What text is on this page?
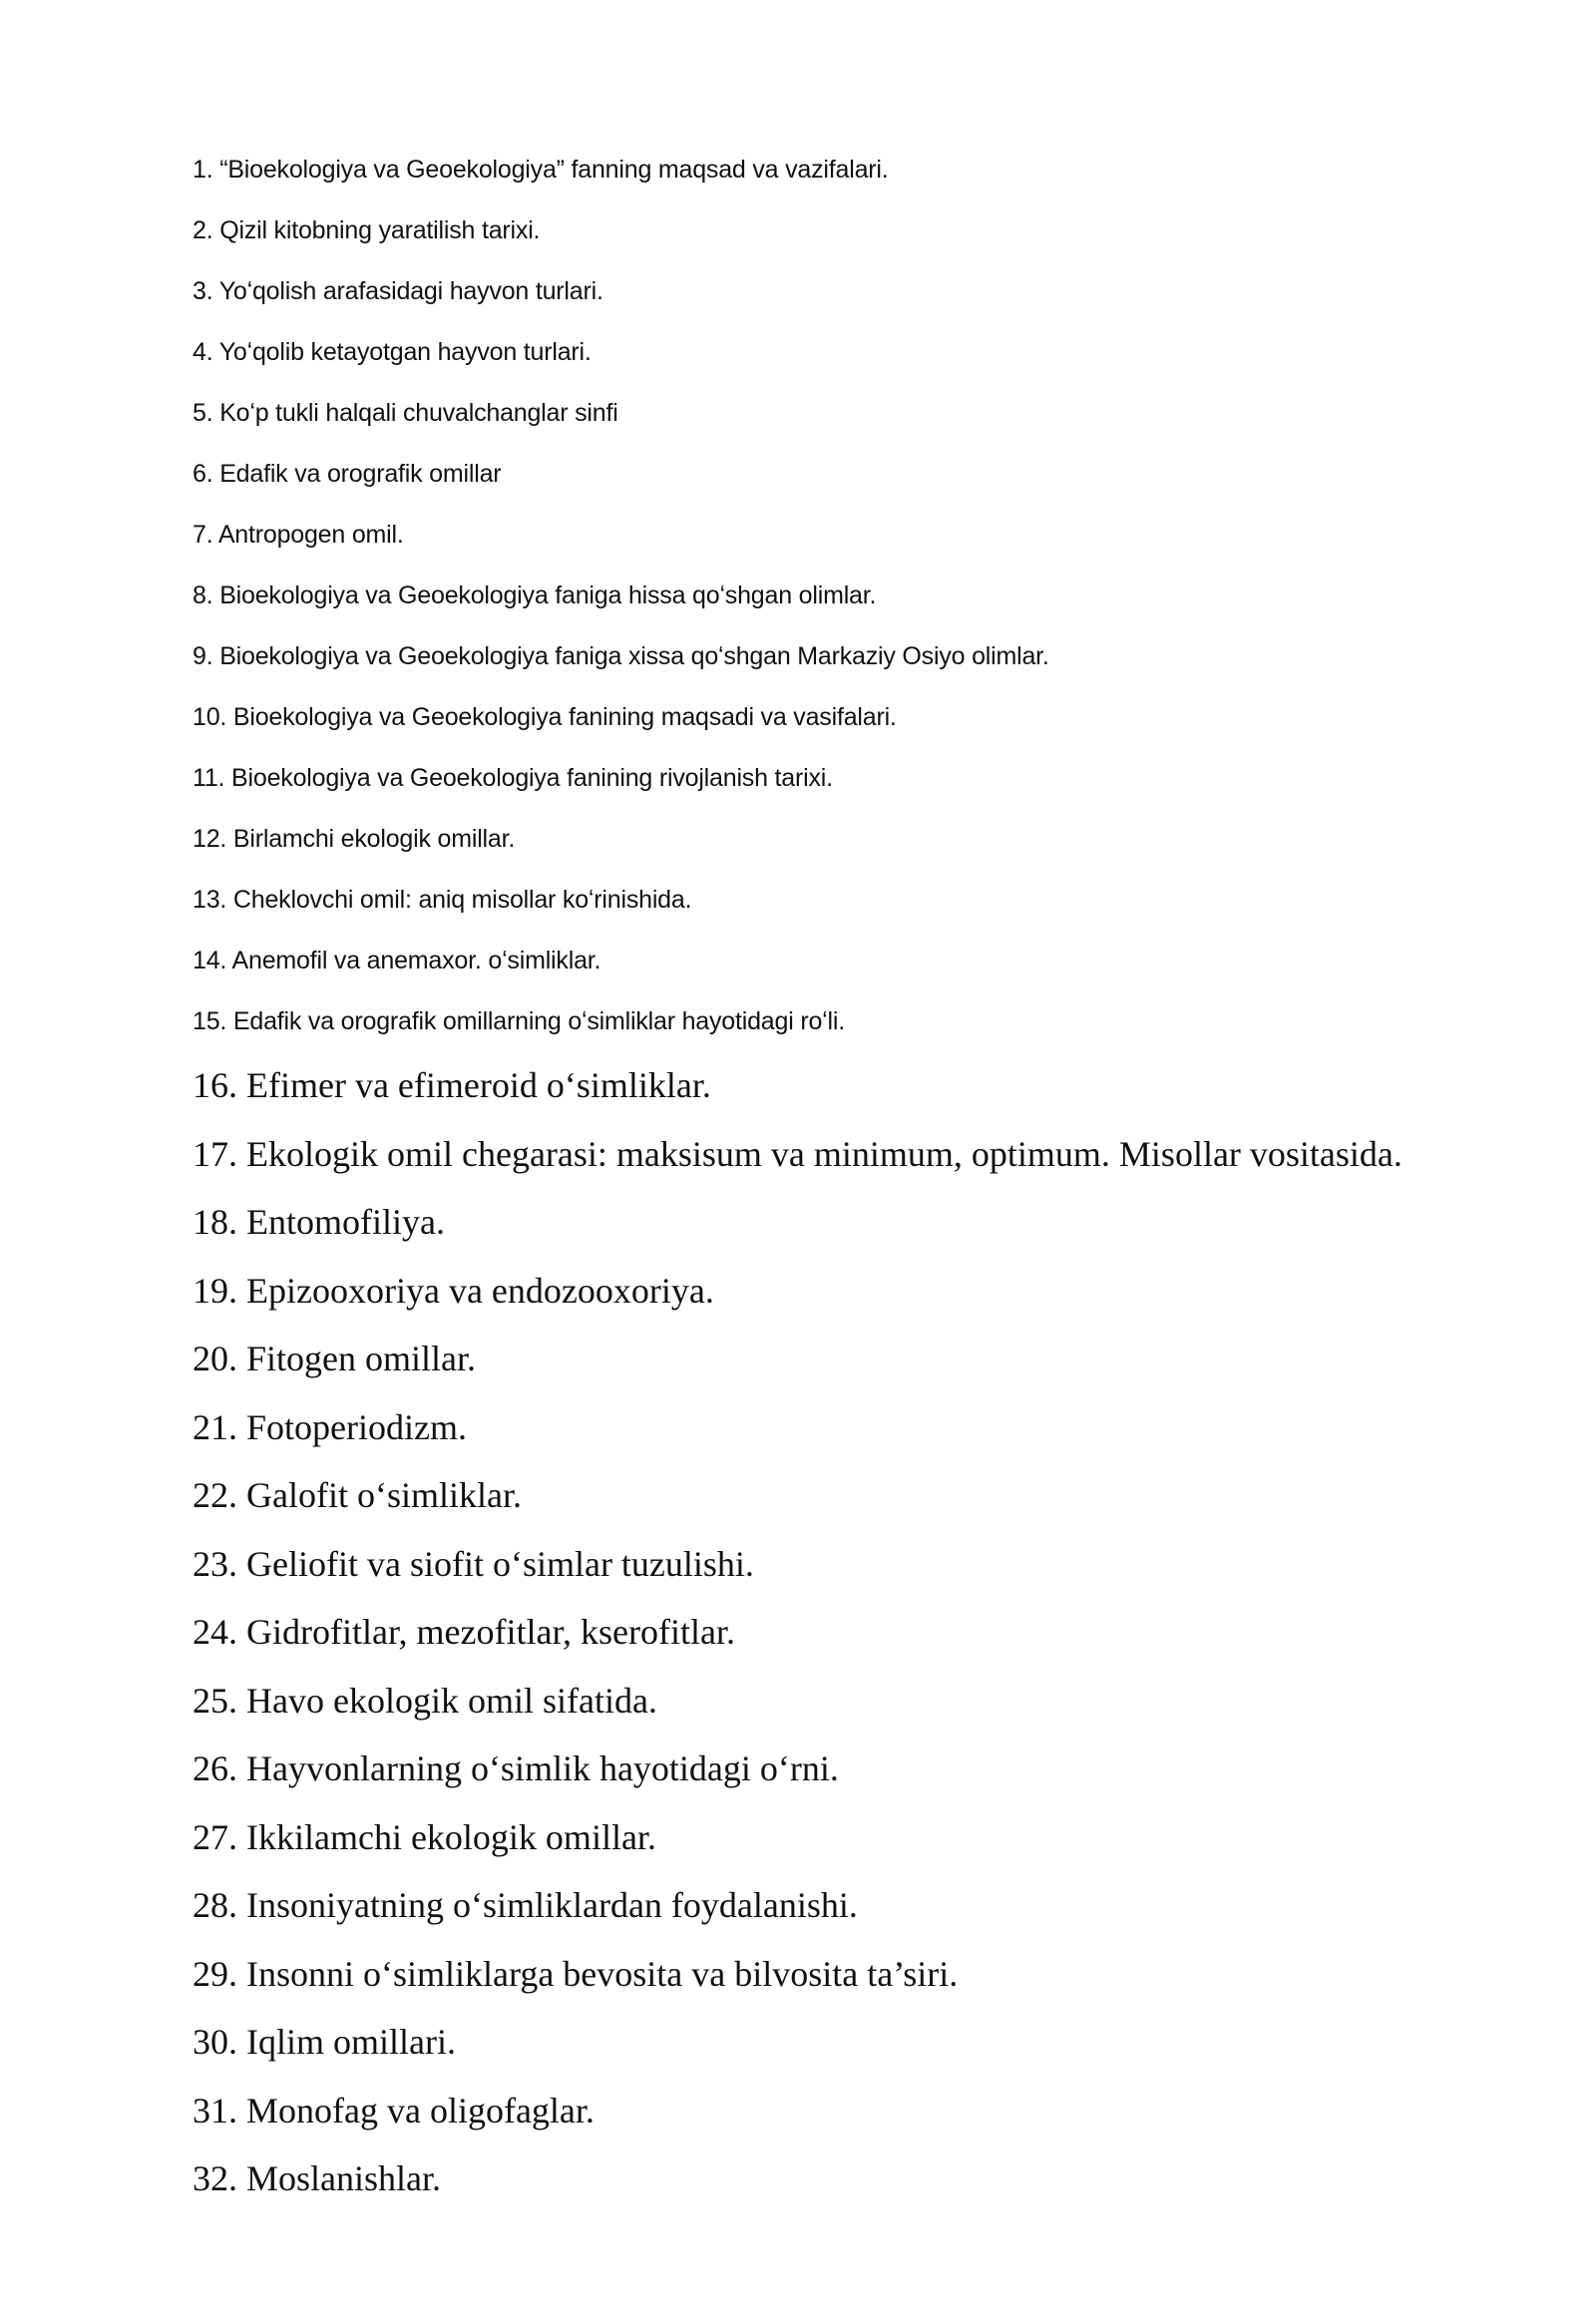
1. “Bioekologiya va Geoekologiya” fanning maqsad va vazifalari.
2. Qizil kitobning yaratilish tarixi.
3. Yoʻqolish arafasidagi hayvon turlari.
4. Yoʻqolib ketayotgan hayvon turlari.
5. Koʻp tukli halqali chuvalchanglar sinfi
6. Edafik va orografik omillar
7. Antropogen omil.
8. Bioekologiya va Geoekologiya faniga hissa qoʻshgan olimlar.
9. Bioekologiya va Geoekologiya faniga xissa qoʻshgan Markaziy Osiyo olimlar.
10. Bioekologiya va Geoekologiya fanining maqsadi va vasifalari.
11. Bioekologiya va Geoekologiya fanining rivojlanish tarixi.
12. Birlamchi ekologik omillar.
13. Cheklovchi omil: aniq misollar koʻrinishida.
14. Anemofil va anemaxor. oʻsimliklar.
15. Edafik va orografik omillarning oʻsimliklar hayotidagi roʻli.
16. Efimer va efimeroid o‘simliklar.
17. Ekologik omil chegarasi: maksisum va minimum, optimum. Misollar vositasida.
18. Entomofiliya.
19. Epizooxoriya va endozooxoriya.
20. Fitogen omillar.
21. Fotoperiodizm.
22. Galofit o‘simliklar.
23. Geliofit va siofit o‘simlar tuzulishi.
24. Gidrofitlar, mezofitlar, kserofitlar.
25. Havo ekologik omil sifatida.
26. Hayvonlarning o‘simlik hayotidagi o‘rni.
27. Ikkilamchi ekologik omillar.
28. Insoniyatning o‘simliklardan foydalanishi.
29. Insonni o‘simliklarga bevosita va bilvosita ta’siri.
30. Iqlim omillari.
31. Monofag va oligofaglar.
32. Moslanishlar.
